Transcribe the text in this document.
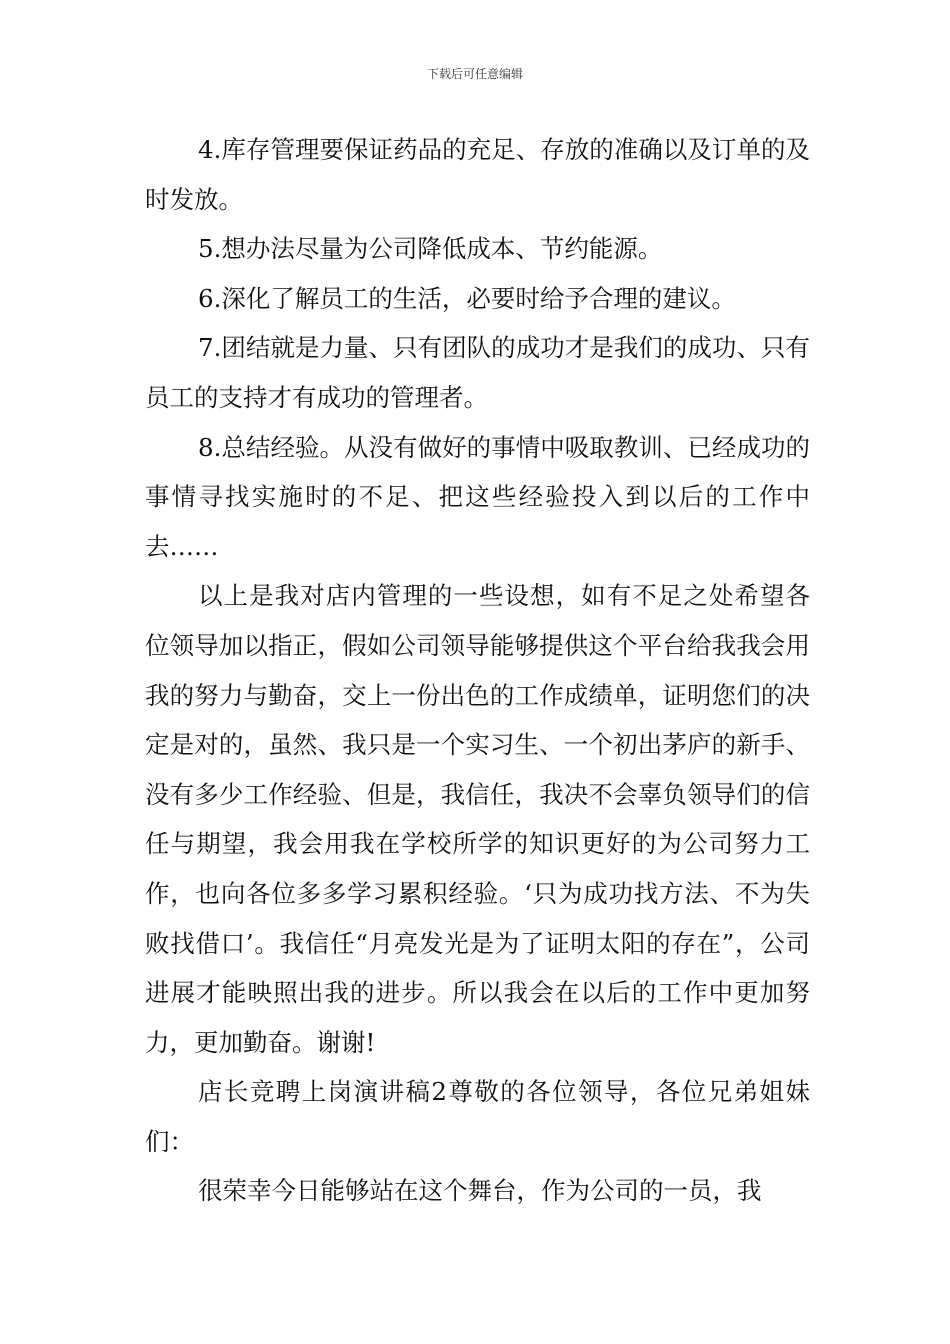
下载后可任意编辑

4.库存管理要保证药品的充足、存放的准确以及订单的及时发放。

5.想办法尽量为公司降低成本、节约能源。

6.深化了解员工的生活，必要时给予合理的建议。

7.团结就是力量、只有团队的成功才是我们的成功、只有员工的支持才有成功的管理者。

8.总结经验。从没有做好的事情中吸取教训、已经成功的事情寻找实施时的不足、把这些经验投入到以后的工作中去……

以上是我对店内管理的一些设想，如有不足之处希望各位领导加以指正，假如公司领导能够提供这个平台给我我会用我的努力与勤奋，交上一份出色的工作成绩单，证明您们的决定是对的，虽然、我只是一个实习生、一个初出茅庐的新手、没有多少工作经验、但是，我信任，我决不会辜负领导们的信任与期望，我会用我在学校所学的知识更好的为公司努力工作，也向各位多多学习累积经验。‘只为成功找方法、不为失败找借口’。我信任“月亮发光是为了证明太阳的存在”，公司进展才能映照出我的进步。所以我会在以后的工作中更加努力，更加勤奋。谢谢!

店长竞聘上岗演讲稿2尊敬的各位领导，各位兄弟姐妹们：

很荣幸今日能够站在这个舞台，作为公司的一员，我
